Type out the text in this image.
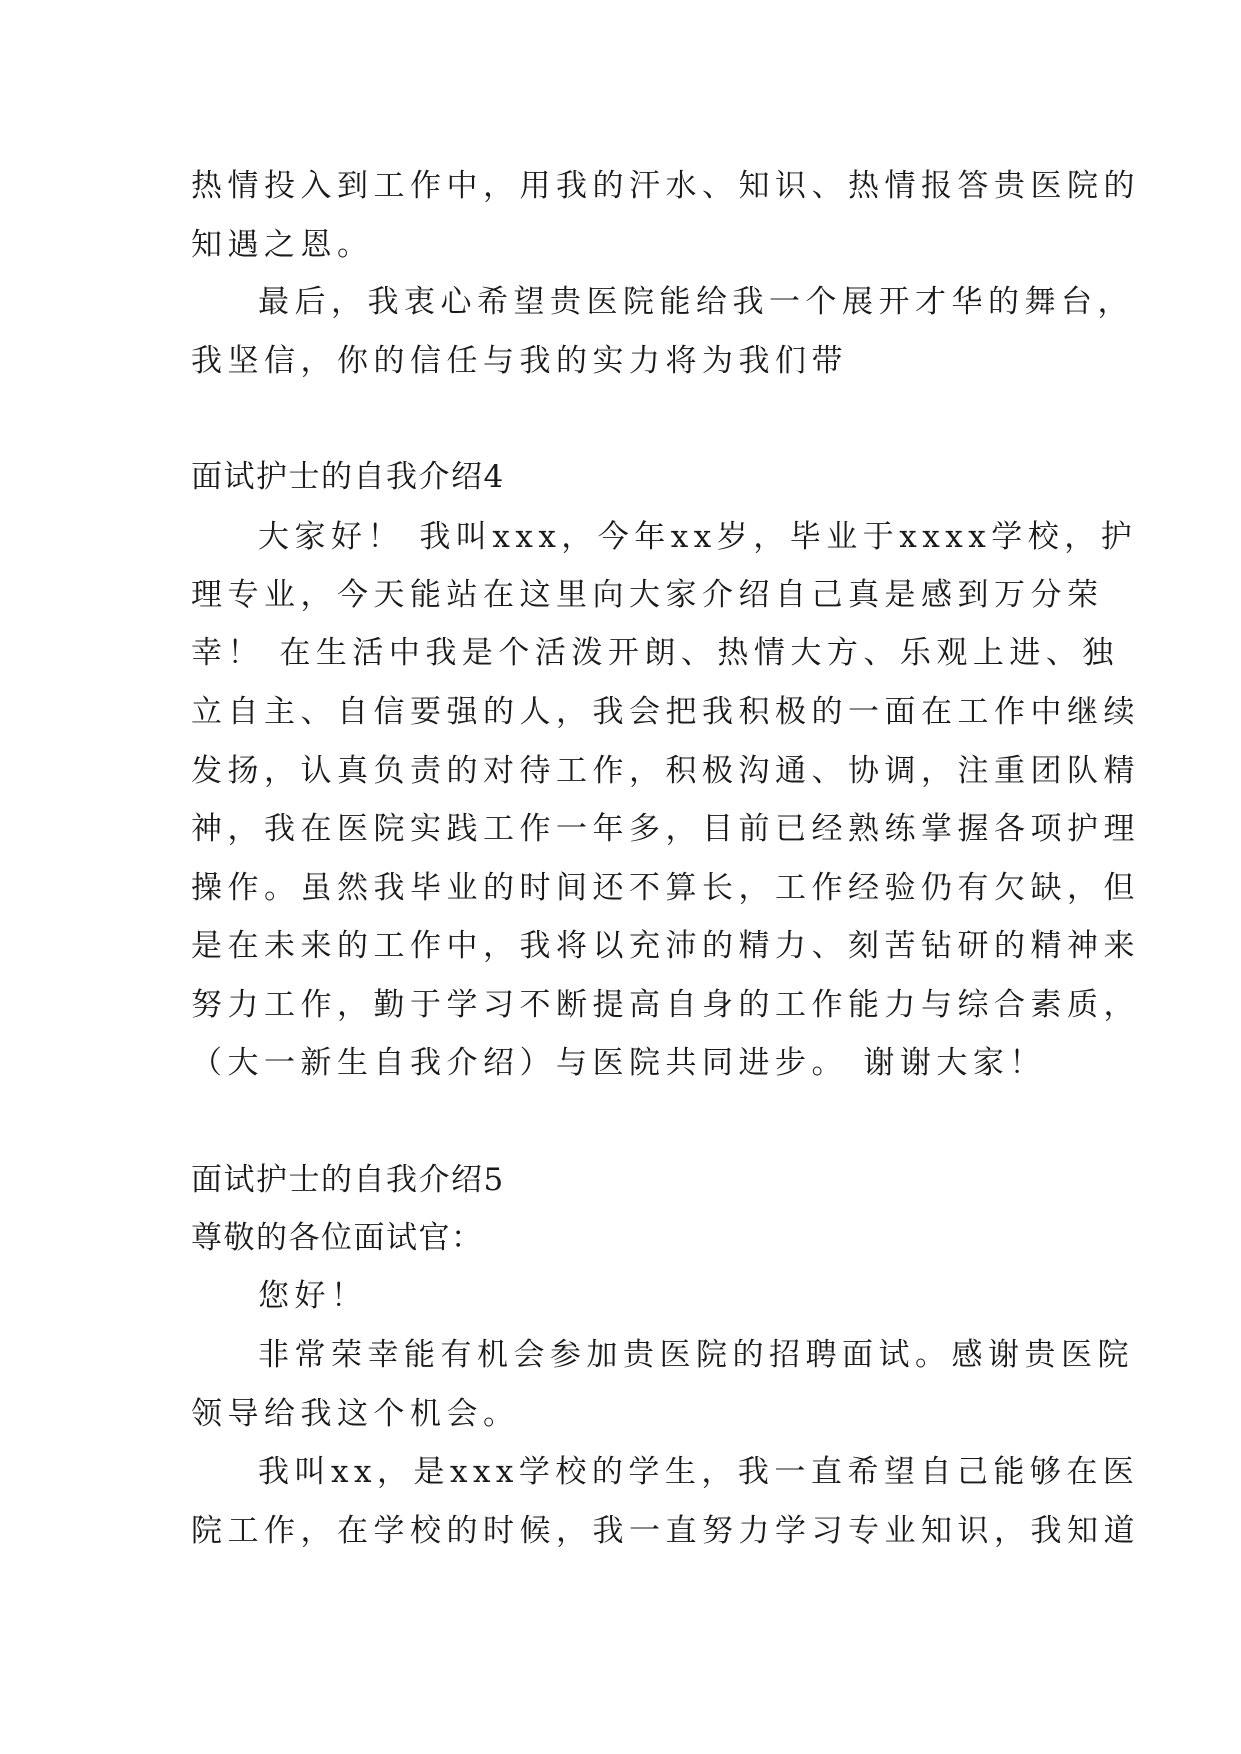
热情投入到工作中，用我的汗水、知识、热情报答贵医院的
知遇之恩。
最后，我衷心希望贵医院能给我一个展开才华的舞台，
我坚信，你的信任与我的实力将为我们带
面试护士的自我介绍4
大家好！ 我叫xxx，今年xx岁，毕业于xxxx学校，护
理专业，今天能站在这里向大家介绍自己真是感到万分荣
幸！ 在生活中我是个活泼开朗、热情大方、乐观上进、独
立自主、自信要强的人，我会把我积极的一面在工作中继续
发扬，认真负责的对待工作，积极沟通、协调，注重团队精
神，我在医院实践工作一年多，目前已经熟练掌握各项护理
操作。虽然我毕业的时间还不算长，工作经验仍有欠缺，但
是在未来的工作中，我将以充沛的精力、刻苦钻研的精神来
努力工作，勤于学习不断提高自身的工作能力与综合素质，
（大一新生自我介绍）与医院共同进步。 谢谢大家！
面试护士的自我介绍5
尊敬的各位面试官：
您好！
非常荣幸能有机会参加贵医院的招聘面试。感谢贵医院
领导给我这个机会。
我叫xx，是xxx学校的学生，我一直希望自己能够在医
院工作，在学校的时候，我一直努力学习专业知识，我知道
